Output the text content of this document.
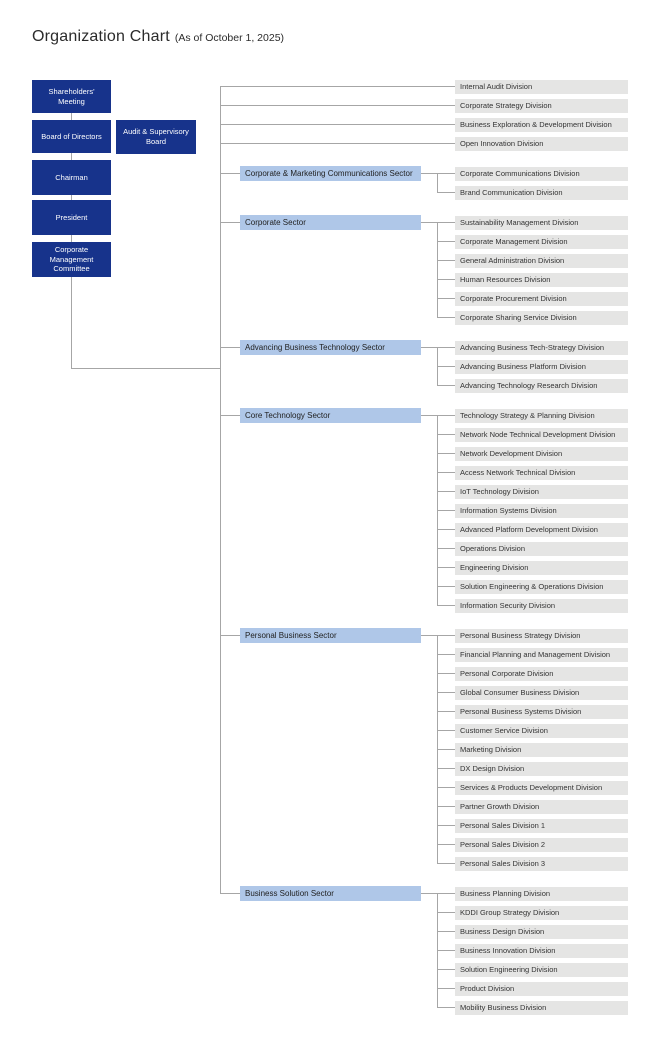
Organization Chart (As of October 1, 2025)
Shareholders' Meeting
Board of Directors
Chairman
President
Corporate Management Committee
Audit & Supervisory Board
Internal Audit Division
Corporate Strategy Division
Business Exploration & Development Division
Open Innovation Division
Corporate & Marketing Communications Sector	Corporate Communications Division
Brand Communication Division
Corporate Sector	Sustainability Management Division
Corporate Management Division
General Administration Division
Human Resources Division
Corporate Procurement Division
Corporate Sharing Service Division
Advancing Business Technology Sector	Advancing Business Tech-Strategy Division
Advancing Business Platform Division
Advancing Technology Research Division
Core Technology Sector	Technology Strategy & Planning Division
Network Node Technical Development Division
Network Development Division
Access Network Technical Division
IoT Technology Division
Information Systems Division
Advanced Platform Development Division
Operations Division
Engineering Division
Solution Engineering & Operations Division
Information Security Division
Personal Business Sector	Personal Business Strategy Division
Financial Planning and Management Division
Personal Corporate Division
Global Consumer Business Division
Personal Business Systems Division
Customer Service Division
Marketing Division
DX Design Division
Services & Products Development Division
Partner Growth Division
Personal Sales Division 1
Personal Sales Division 2
Personal Sales Division 3
Business Solution Sector	Business Planning Division
KDDI Group Strategy Division
Business Design Division
Business Innovation Division
Solution Engineering Division
Product Division
Mobility Business Division
